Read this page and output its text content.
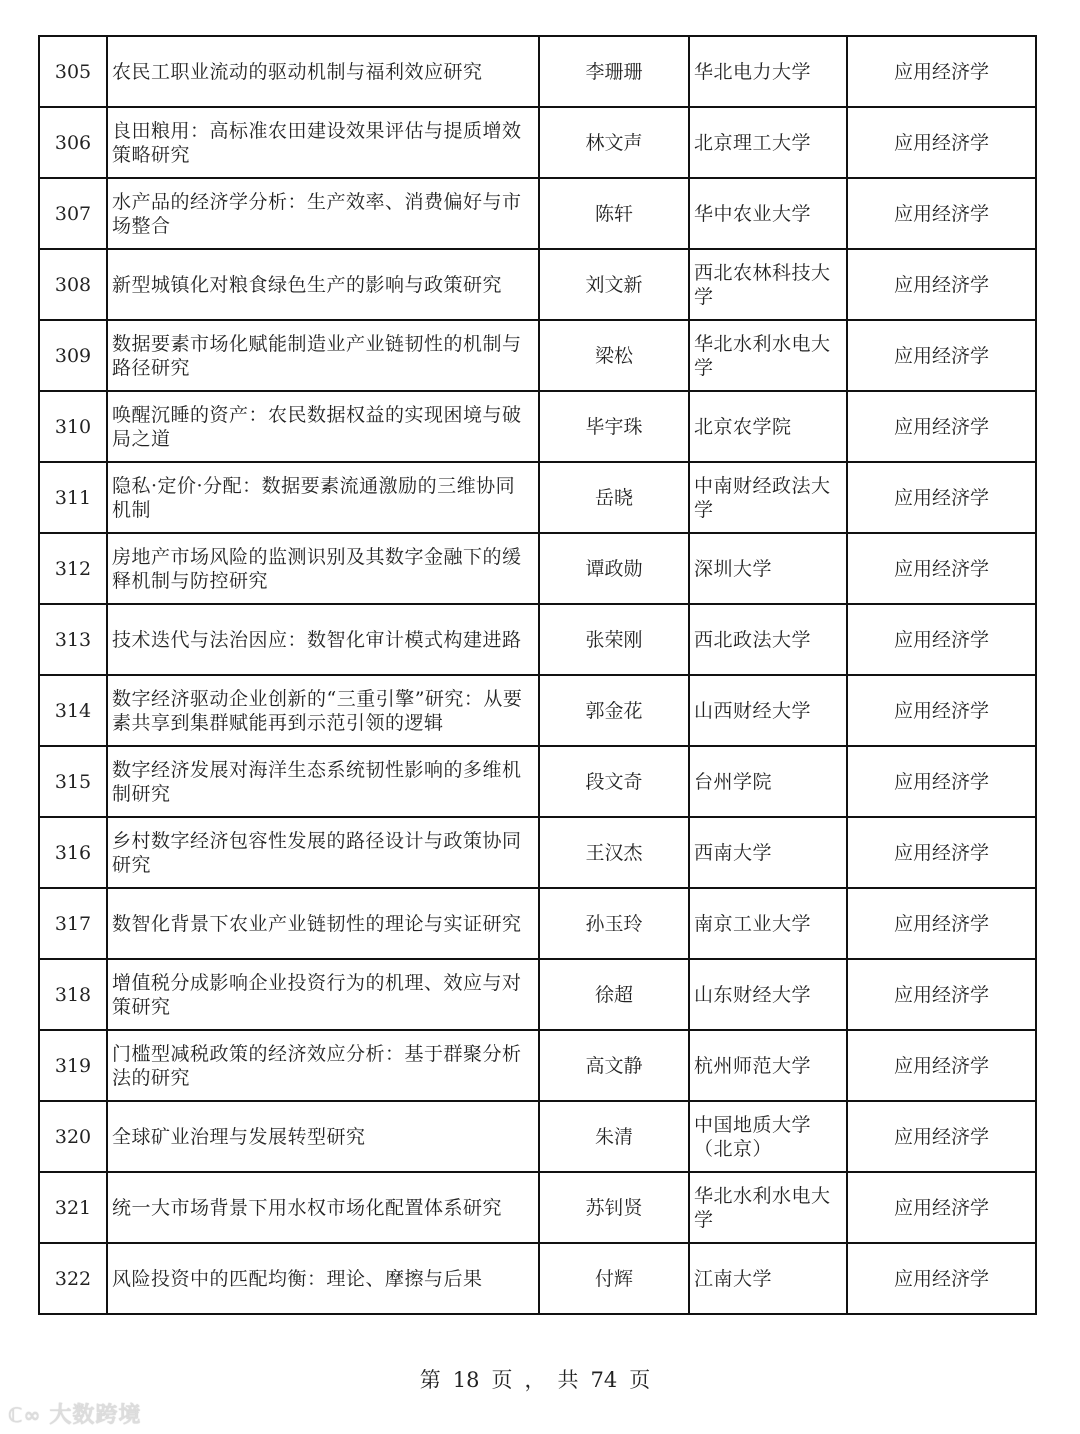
305	农民工职业流动的驱动机制与福利效应研究	李珊珊	华北电力大学	应用经济学
306	良田粮用：高标准农田建设效果评估与提质增效策略研究	林文声	北京理工大学	应用经济学
307	水产品的经济学分析：生产效率、消费偏好与市场整合	陈轩	华中农业大学	应用经济学
308	新型城镇化对粮食绿色生产的影响与政策研究	刘文新	西北农林科技大学	应用经济学
309	数据要素市场化赋能制造业产业链韧性的机制与路径研究	梁松	华北水利水电大学	应用经济学
310	唤醒沉睡的资产：农民数据权益的实现困境与破局之道	毕宇珠	北京农学院	应用经济学
311	隐私·定价·分配：数据要素流通激励的三维协同机制	岳晓	中南财经政法大学	应用经济学
312	房地产市场风险的监测识别及其数字金融下的缓释机制与防控研究	谭政勋	深圳大学	应用经济学
313	技术迭代与法治因应：数智化审计模式构建进路	张荣刚	西北政法大学	应用经济学
314	数字经济驱动企业创新的“三重引擎”研究：从要素共享到集群赋能再到示范引领的逻辑	郭金花	山西财经大学	应用经济学
315	数字经济发展对海洋生态系统韧性影响的多维机制研究	段文奇	台州学院	应用经济学
316	乡村数字经济包容性发展的路径设计与政策协同研究	王汉杰	西南大学	应用经济学
317	数智化背景下农业产业链韧性的理论与实证研究	孙玉玲	南京工业大学	应用经济学
318	增值税分成影响企业投资行为的机理、效应与对策研究	徐超	山东财经大学	应用经济学
319	门槛型减税政策的经济效应分析：基于群聚分析法的研究	高文静	杭州师范大学	应用经济学
320	全球矿业治理与发展转型研究	朱清	中国地质大学（北京）	应用经济学
321	统一大市场背景下用水权市场化配置体系研究	苏钊贤	华北水利水电大学	应用经济学
322	风险投资中的匹配均衡：理论、摩擦与后果	付辉	江南大学	应用经济学
第 18 页 ， 共 74 页
ℂ∞ 大数跨境
